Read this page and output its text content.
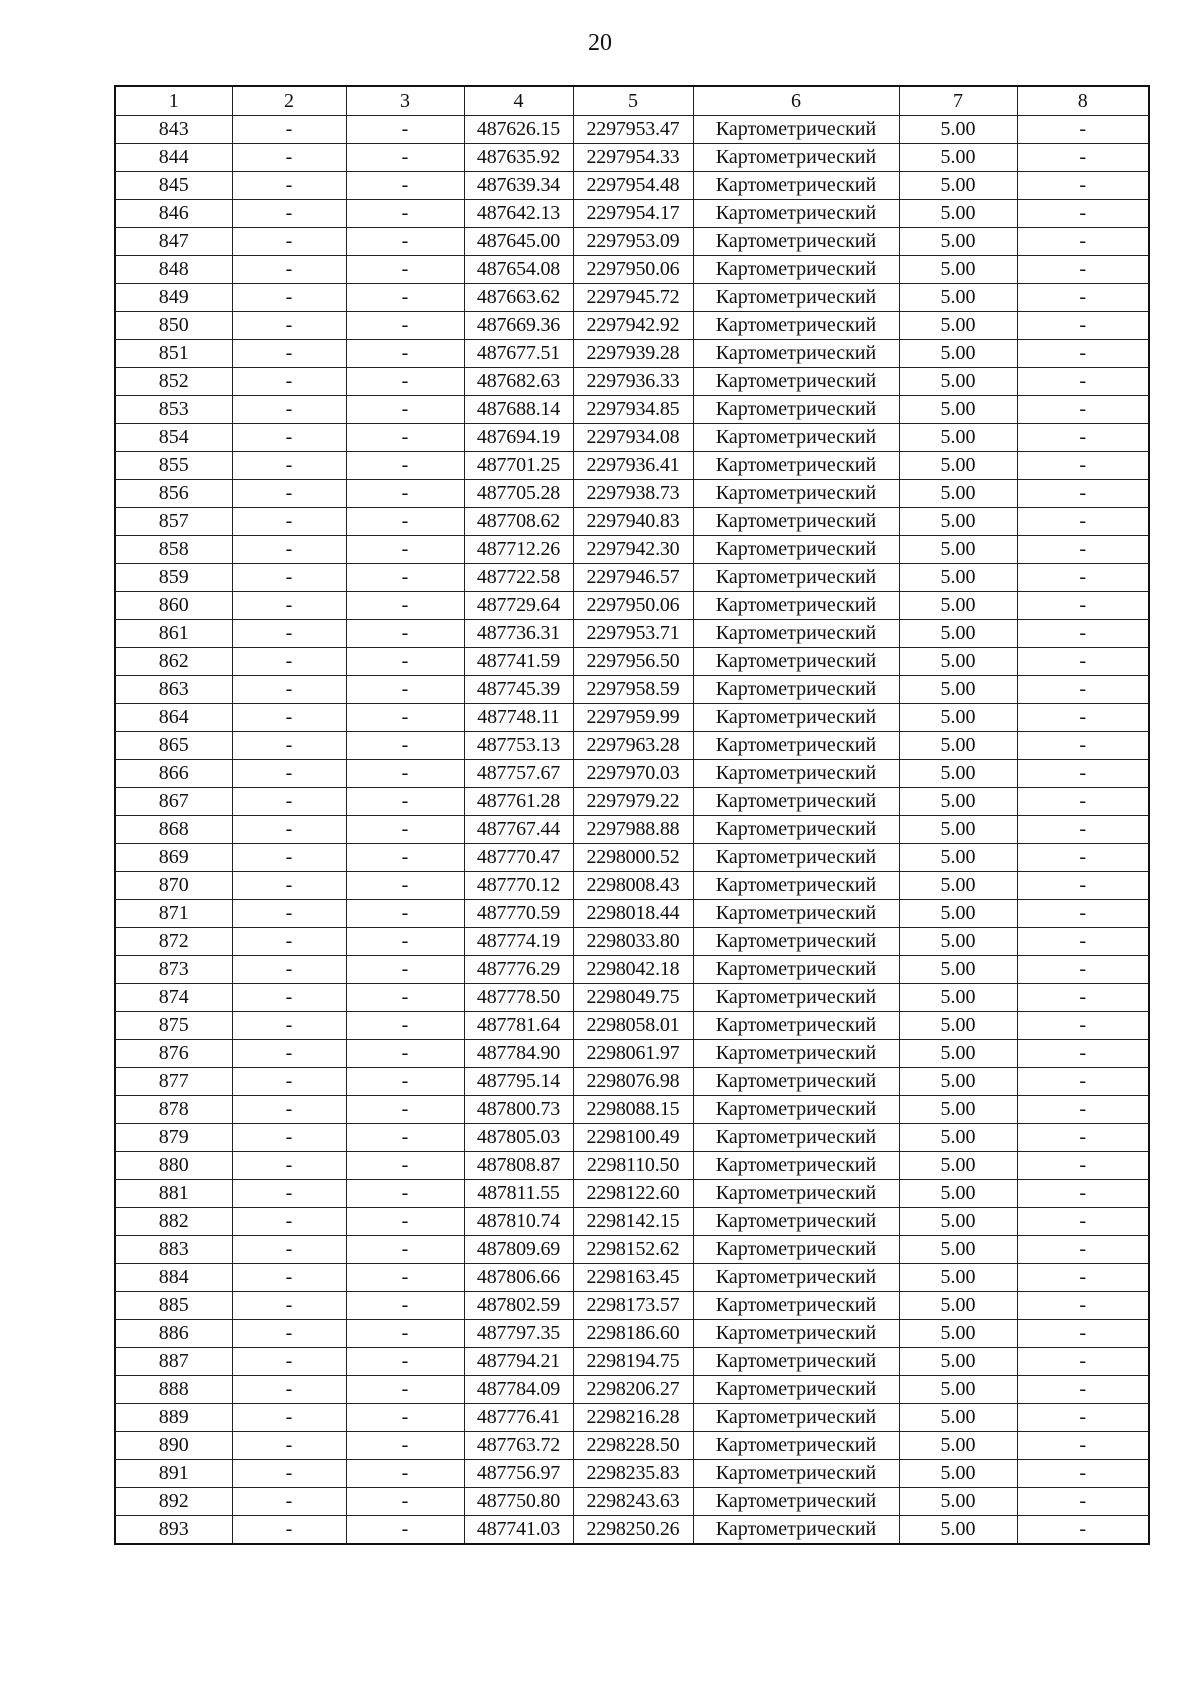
20
1	2	3	4	5	6	7	8
843	-	-	487626.15	2297953.47	Картометрический	5.00	-
844	-	-	487635.92	2297954.33	Картометрический	5.00	-
845	-	-	487639.34	2297954.48	Картометрический	5.00	-
846	-	-	487642.13	2297954.17	Картометрический	5.00	-
847	-	-	487645.00	2297953.09	Картометрический	5.00	-
848	-	-	487654.08	2297950.06	Картометрический	5.00	-
849	-	-	487663.62	2297945.72	Картометрический	5.00	-
850	-	-	487669.36	2297942.92	Картометрический	5.00	-
851	-	-	487677.51	2297939.28	Картометрический	5.00	-
852	-	-	487682.63	2297936.33	Картометрический	5.00	-
853	-	-	487688.14	2297934.85	Картометрический	5.00	-
854	-	-	487694.19	2297934.08	Картометрический	5.00	-
855	-	-	487701.25	2297936.41	Картометрический	5.00	-
856	-	-	487705.28	2297938.73	Картометрический	5.00	-
857	-	-	487708.62	2297940.83	Картометрический	5.00	-
858	-	-	487712.26	2297942.30	Картометрический	5.00	-
859	-	-	487722.58	2297946.57	Картометрический	5.00	-
860	-	-	487729.64	2297950.06	Картометрический	5.00	-
861	-	-	487736.31	2297953.71	Картометрический	5.00	-
862	-	-	487741.59	2297956.50	Картометрический	5.00	-
863	-	-	487745.39	2297958.59	Картометрический	5.00	-
864	-	-	487748.11	2297959.99	Картометрический	5.00	-
865	-	-	487753.13	2297963.28	Картометрический	5.00	-
866	-	-	487757.67	2297970.03	Картометрический	5.00	-
867	-	-	487761.28	2297979.22	Картометрический	5.00	-
868	-	-	487767.44	2297988.88	Картометрический	5.00	-
869	-	-	487770.47	2298000.52	Картометрический	5.00	-
870	-	-	487770.12	2298008.43	Картометрический	5.00	-
871	-	-	487770.59	2298018.44	Картометрический	5.00	-
872	-	-	487774.19	2298033.80	Картометрический	5.00	-
873	-	-	487776.29	2298042.18	Картометрический	5.00	-
874	-	-	487778.50	2298049.75	Картометрический	5.00	-
875	-	-	487781.64	2298058.01	Картометрический	5.00	-
876	-	-	487784.90	2298061.97	Картометрический	5.00	-
877	-	-	487795.14	2298076.98	Картометрический	5.00	-
878	-	-	487800.73	2298088.15	Картометрический	5.00	-
879	-	-	487805.03	2298100.49	Картометрический	5.00	-
880	-	-	487808.87	2298110.50	Картометрический	5.00	-
881	-	-	487811.55	2298122.60	Картометрический	5.00	-
882	-	-	487810.74	2298142.15	Картометрический	5.00	-
883	-	-	487809.69	2298152.62	Картометрический	5.00	-
884	-	-	487806.66	2298163.45	Картометрический	5.00	-
885	-	-	487802.59	2298173.57	Картометрический	5.00	-
886	-	-	487797.35	2298186.60	Картометрический	5.00	-
887	-	-	487794.21	2298194.75	Картометрический	5.00	-
888	-	-	487784.09	2298206.27	Картометрический	5.00	-
889	-	-	487776.41	2298216.28	Картометрический	5.00	-
890	-	-	487763.72	2298228.50	Картометрический	5.00	-
891	-	-	487756.97	2298235.83	Картометрический	5.00	-
892	-	-	487750.80	2298243.63	Картометрический	5.00	-
893	-	-	487741.03	2298250.26	Картометрический	5.00	-
